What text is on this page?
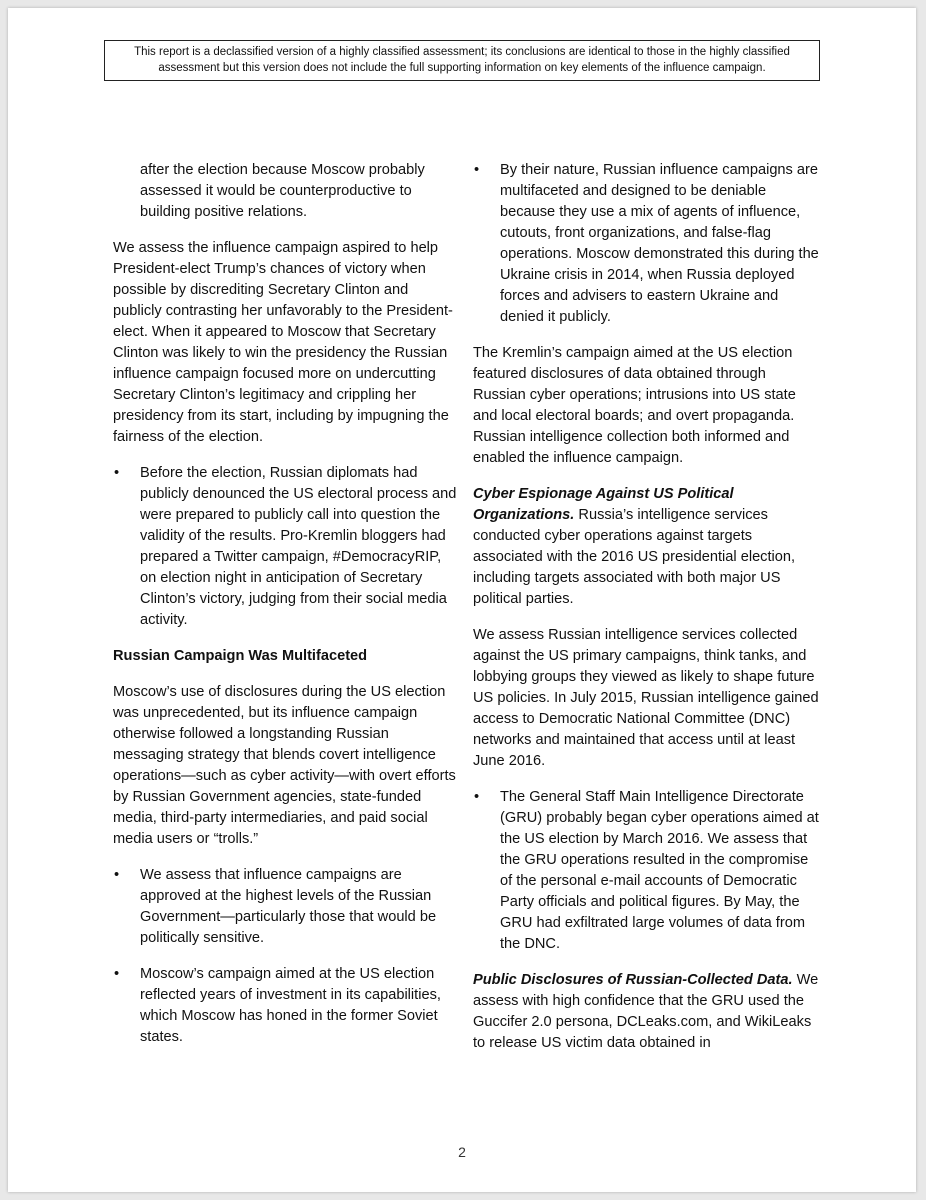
This report is a declassified version of a highly classified assessment; its conclusions are identical to those in the highly classified assessment but this version does not include the full supporting information on key elements of the influence campaign.

after the election because Moscow probably assessed it would be counterproductive to building positive relations.

We assess the influence campaign aspired to help President-elect Trump’s chances of victory when possible by discrediting Secretary Clinton and publicly contrasting her unfavorably to the President-elect. When it appeared to Moscow that Secretary Clinton was likely to win the presidency the Russian influence campaign focused more on undercutting Secretary Clinton’s legitimacy and crippling her presidency from its start, including by impugning the fairness of the election.

•	Before the election, Russian diplomats had publicly denounced the US electoral process and were prepared to publicly call into question the validity of the results. Pro-Kremlin bloggers had prepared a Twitter campaign, #DemocracyRIP, on election night in anticipation of Secretary Clinton’s victory, judging from their social media activity.
Russian Campaign Was Multifaceted

Moscow’s use of disclosures during the US election was unprecedented, but its influence campaign otherwise followed a longstanding Russian messaging strategy that blends covert intelligence operations—such as cyber activity—with overt efforts by Russian Government agencies, state-funded media, third-party intermediaries, and paid social media users or “trolls.”

•	We assess that influence campaigns are approved at the highest levels of the Russian Government—particularly those that would be politically sensitive.
•	Moscow’s campaign aimed at the US election reflected years of investment in its capabilities, which Moscow has honed in the former Soviet states.
•	By their nature, Russian influence campaigns are multifaceted and designed to be deniable because they use a mix of agents of influence, cutouts, front organizations, and false-flag operations. Moscow demonstrated this during the Ukraine crisis in 2014, when Russia deployed forces and advisers to eastern Ukraine and denied it publicly.

The Kremlin’s campaign aimed at the US election featured disclosures of data obtained through Russian cyber operations; intrusions into US state and local electoral boards; and overt propaganda. Russian intelligence collection both informed and enabled the influence campaign.

Cyber Espionage Against US Political Organizations. Russia’s intelligence services conducted cyber operations against targets associated with the 2016 US presidential election, including targets associated with both major US political parties.

We assess Russian intelligence services collected against the US primary campaigns, think tanks, and lobbying groups they viewed as likely to shape future US policies. In July 2015, Russian intelligence gained access to Democratic National Committee (DNC) networks and maintained that access until at least June 2016.

•	The General Staff Main Intelligence Directorate (GRU) probably began cyber operations aimed at the US election by March 2016. We assess that the GRU operations resulted in the compromise of the personal e-mail accounts of Democratic Party officials and political figures. By May, the GRU had exfiltrated large volumes of data from the DNC.

Public Disclosures of Russian-Collected Data. We assess with high confidence that the GRU used the Guccifer 2.0 persona, DCLeaks.com, and WikiLeaks to release US victim data obtained in

2
